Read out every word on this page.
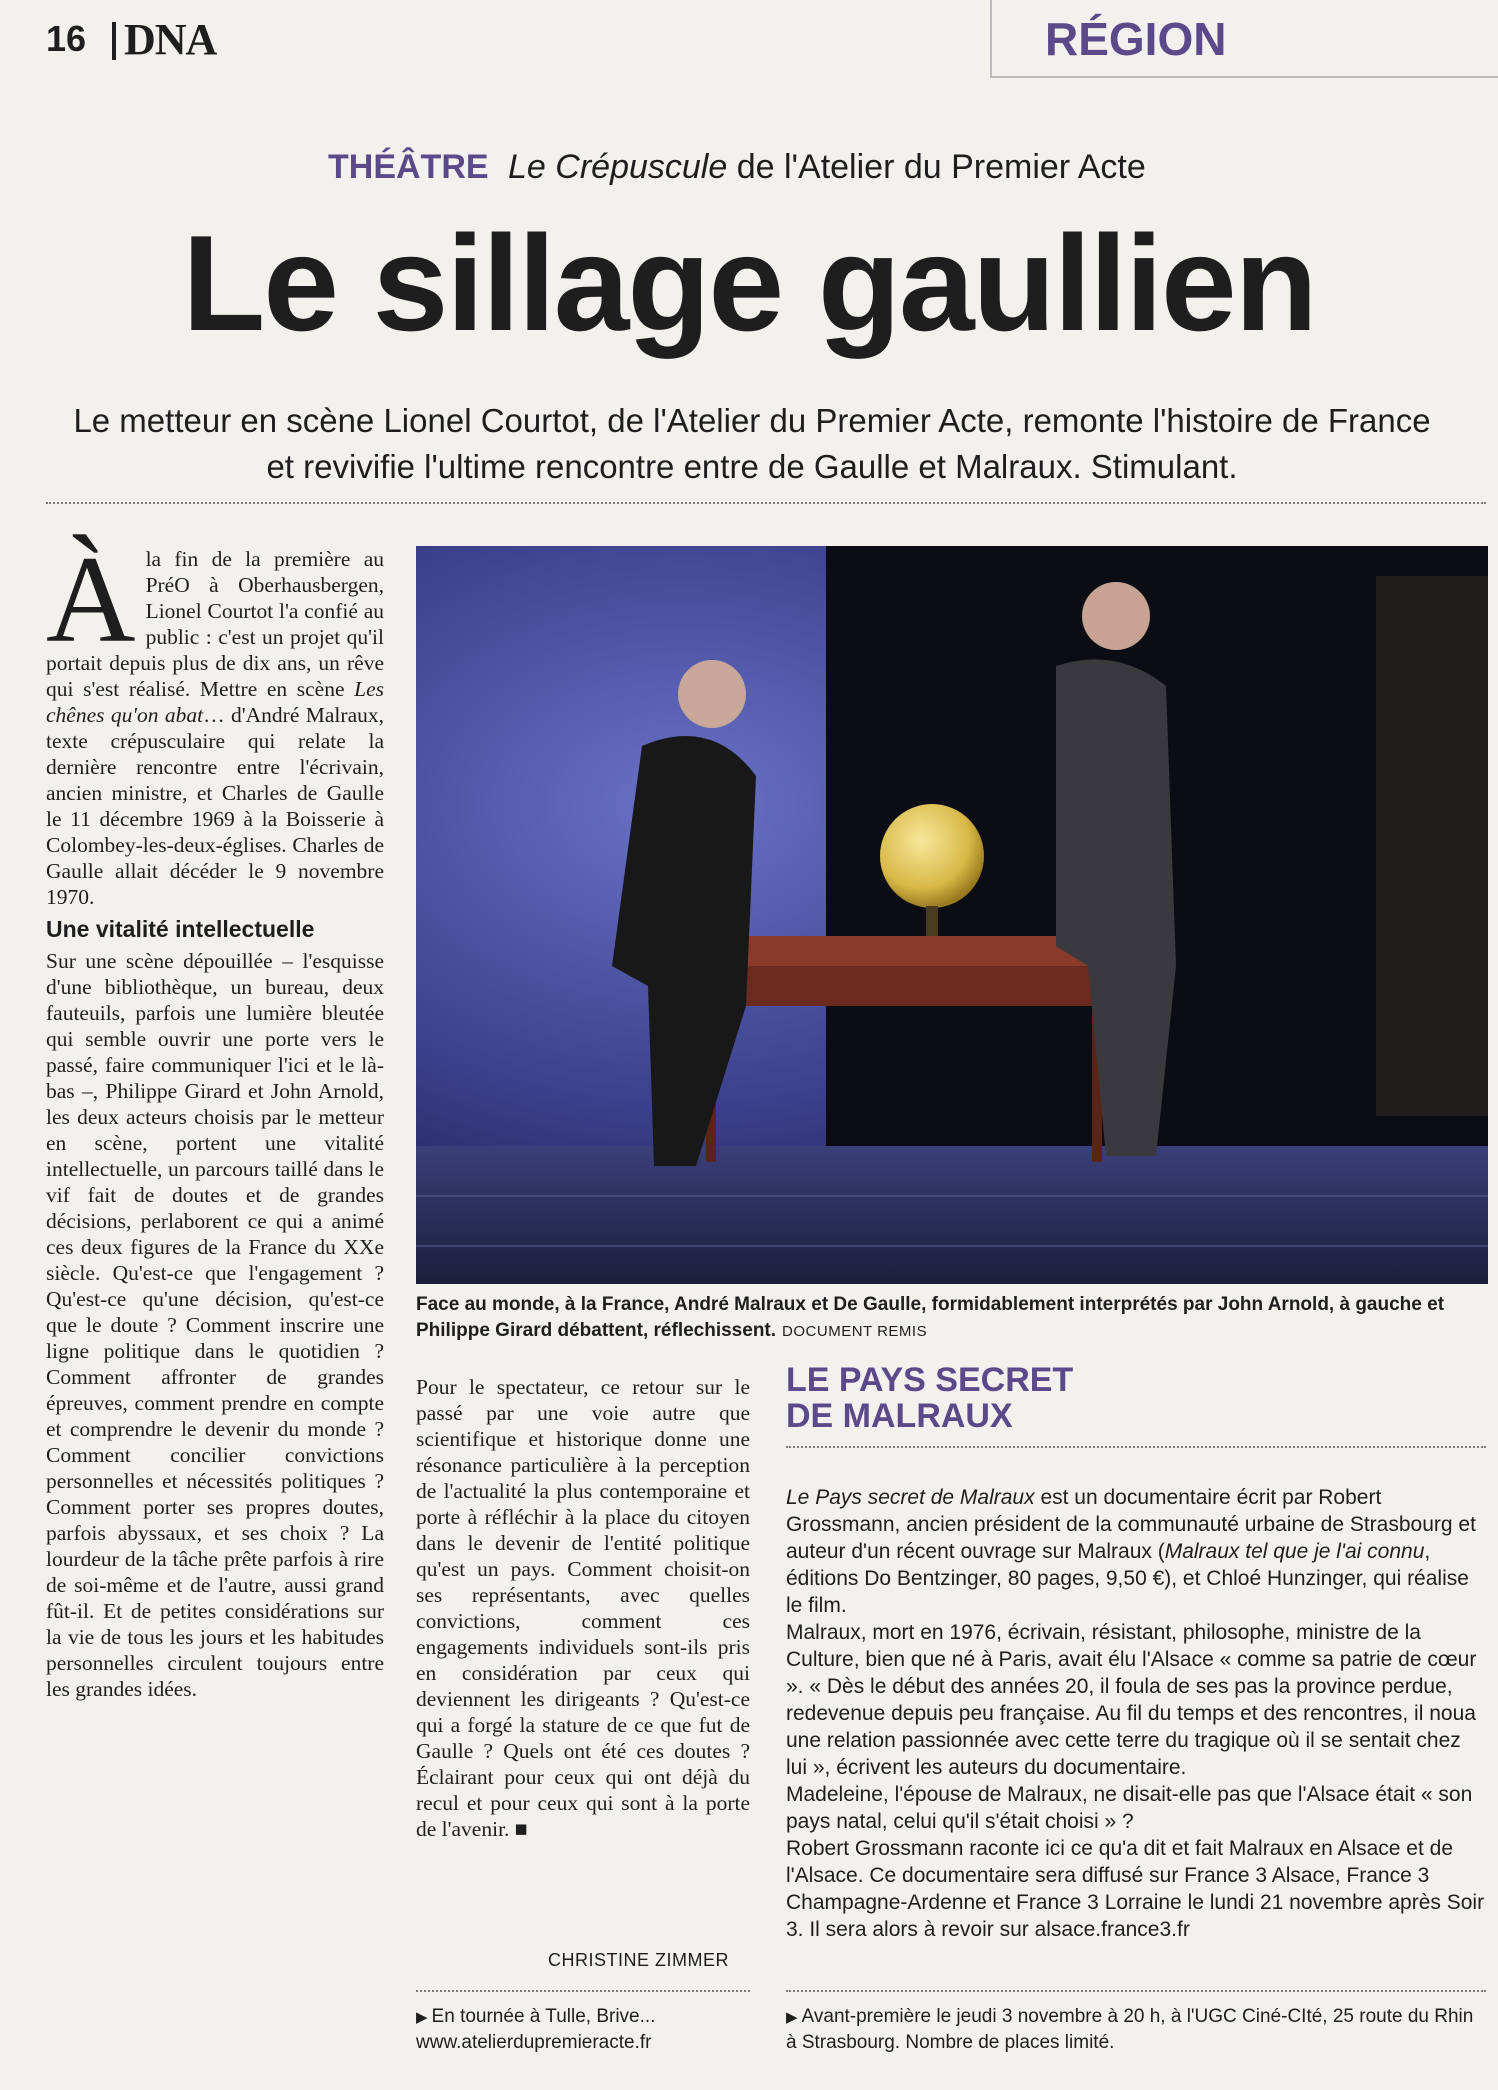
16 DNA	RÉGION
THÉÂTRE Le Crépuscule de l'Atelier du Premier Acte
Le sillage gaullien
Le metteur en scène Lionel Courtot, de l'Atelier du Premier Acte, remonte l'histoire de France et revivifie l'ultime rencontre entre de Gaulle et Malraux. Stimulant.

Àla fin de la première au PréO à Oberhausbergen, Lionel Courtot l'a confié au public : c'est un projet qu'il portait depuis plus de dix ans, un rêve qui s'est réalisé. Mettre en scène Les chênes qu'on abat… d'André Malraux, texte crépusculaire qui relate la dernière rencontre entre l'écrivain, ancien ministre, et Charles de Gaulle le 11 décembre 1969 à la Boisserie à Colombey-les-deux-églises. Charles de Gaulle allait décéder le 9 novembre 1970.

Une vitalité intellectuelle

Sur une scène dépouillée – l'esquisse d'une bibliothèque, un bureau, deux fauteuils, parfois une lumière bleutée qui semble ouvrir une porte vers le passé, faire communiquer l'ici et le là-bas –, Philippe Girard et John Arnold, les deux acteurs choisis par le metteur en scène, portent une vitalité intellectuelle, un parcours taillé dans le vif fait de doutes et de grandes décisions, perlaborent ce qui a animé ces deux figures de la France du XXe siècle. Qu'est-ce que l'engagement ? Qu'est-ce qu'une décision, qu'est-ce que le doute ? Comment inscrire une ligne politique dans le quotidien ? Comment affronter de grandes épreuves, comment prendre en compte et comprendre le devenir du monde ? Comment concilier convictions personnelles et nécessités politiques ? Comment porter ses propres doutes, parfois abyssaux, et ses choix ? La lourdeur de la tâche prête parfois à rire de soi-même et de l'autre, aussi grand fût-il. Et de petites considérations sur la vie de tous les jours et les habitudes personnelles circulent toujours entre les grandes idées.

Face au monde, à la France, André Malraux et De Gaulle, formidablement interprétés par John Arnold, à gauche et Philippe Girard débattent, réflechissent. DOCUMENT REMIS

Pour le spectateur, ce retour sur le passé par une voie autre que scientifique et historique donne une résonance particulière à la perception de l'actualité la plus contemporaine et porte à réfléchir à la place du citoyen dans le devenir de l'entité politique qu'est un pays. Comment choisit-on ses représentants, avec quelles convictions, comment ces engagements individuels sont-ils pris en considération par ceux qui deviennent les dirigeants ? Qu'est-ce qui a forgé la stature de ce que fut de Gaulle ? Quels ont été ces doutes ? Éclairant pour ceux qui ont déjà du recul et pour ceux qui sont à la porte de l'avenir. ■

CHRISTINE ZIMMER
▶ En tournée à Tulle, Brive...
www.atelierdupremieracte.fr
LE PAYS SECRET
DE MALRAUX

Le Pays secret de Malraux est un documentaire écrit par Robert Grossmann, ancien président de la communauté urbaine de Strasbourg et auteur d'un récent ouvrage sur Malraux (Malraux tel que je l'ai connu, éditions Do Bentzinger, 80 pages, 9,50 €), et Chloé Hunzinger, qui réalise le film.

Malraux, mort en 1976, écrivain, résistant, philosophe, ministre de la Culture, bien que né à Paris, avait élu l'Alsace « comme sa patrie de cœur ». « Dès le début des années 20, il foula de ses pas la province perdue, redevenue depuis peu française. Au fil du temps et des rencontres, il noua une relation passionnée avec cette terre du tragique où il se sentait chez lui », écrivent les auteurs du documentaire.

Madeleine, l'épouse de Malraux, ne disait-elle pas que l'Alsace était « son pays natal, celui qu'il s'était choisi » ?

Robert Grossmann raconte ici ce qu'a dit et fait Malraux en Alsace et de l'Alsace. Ce documentaire sera diffusé sur France 3 Alsace, France 3 Champagne-Ardenne et France 3 Lorraine le lundi 21 novembre après Soir 3. Il sera alors à revoir sur alsace.france3.fr

▶ Avant-première le jeudi 3 novembre à 20 h, à l'UGC Ciné-CIté, 25 route du Rhin à Strasbourg. Nombre de places limité.
